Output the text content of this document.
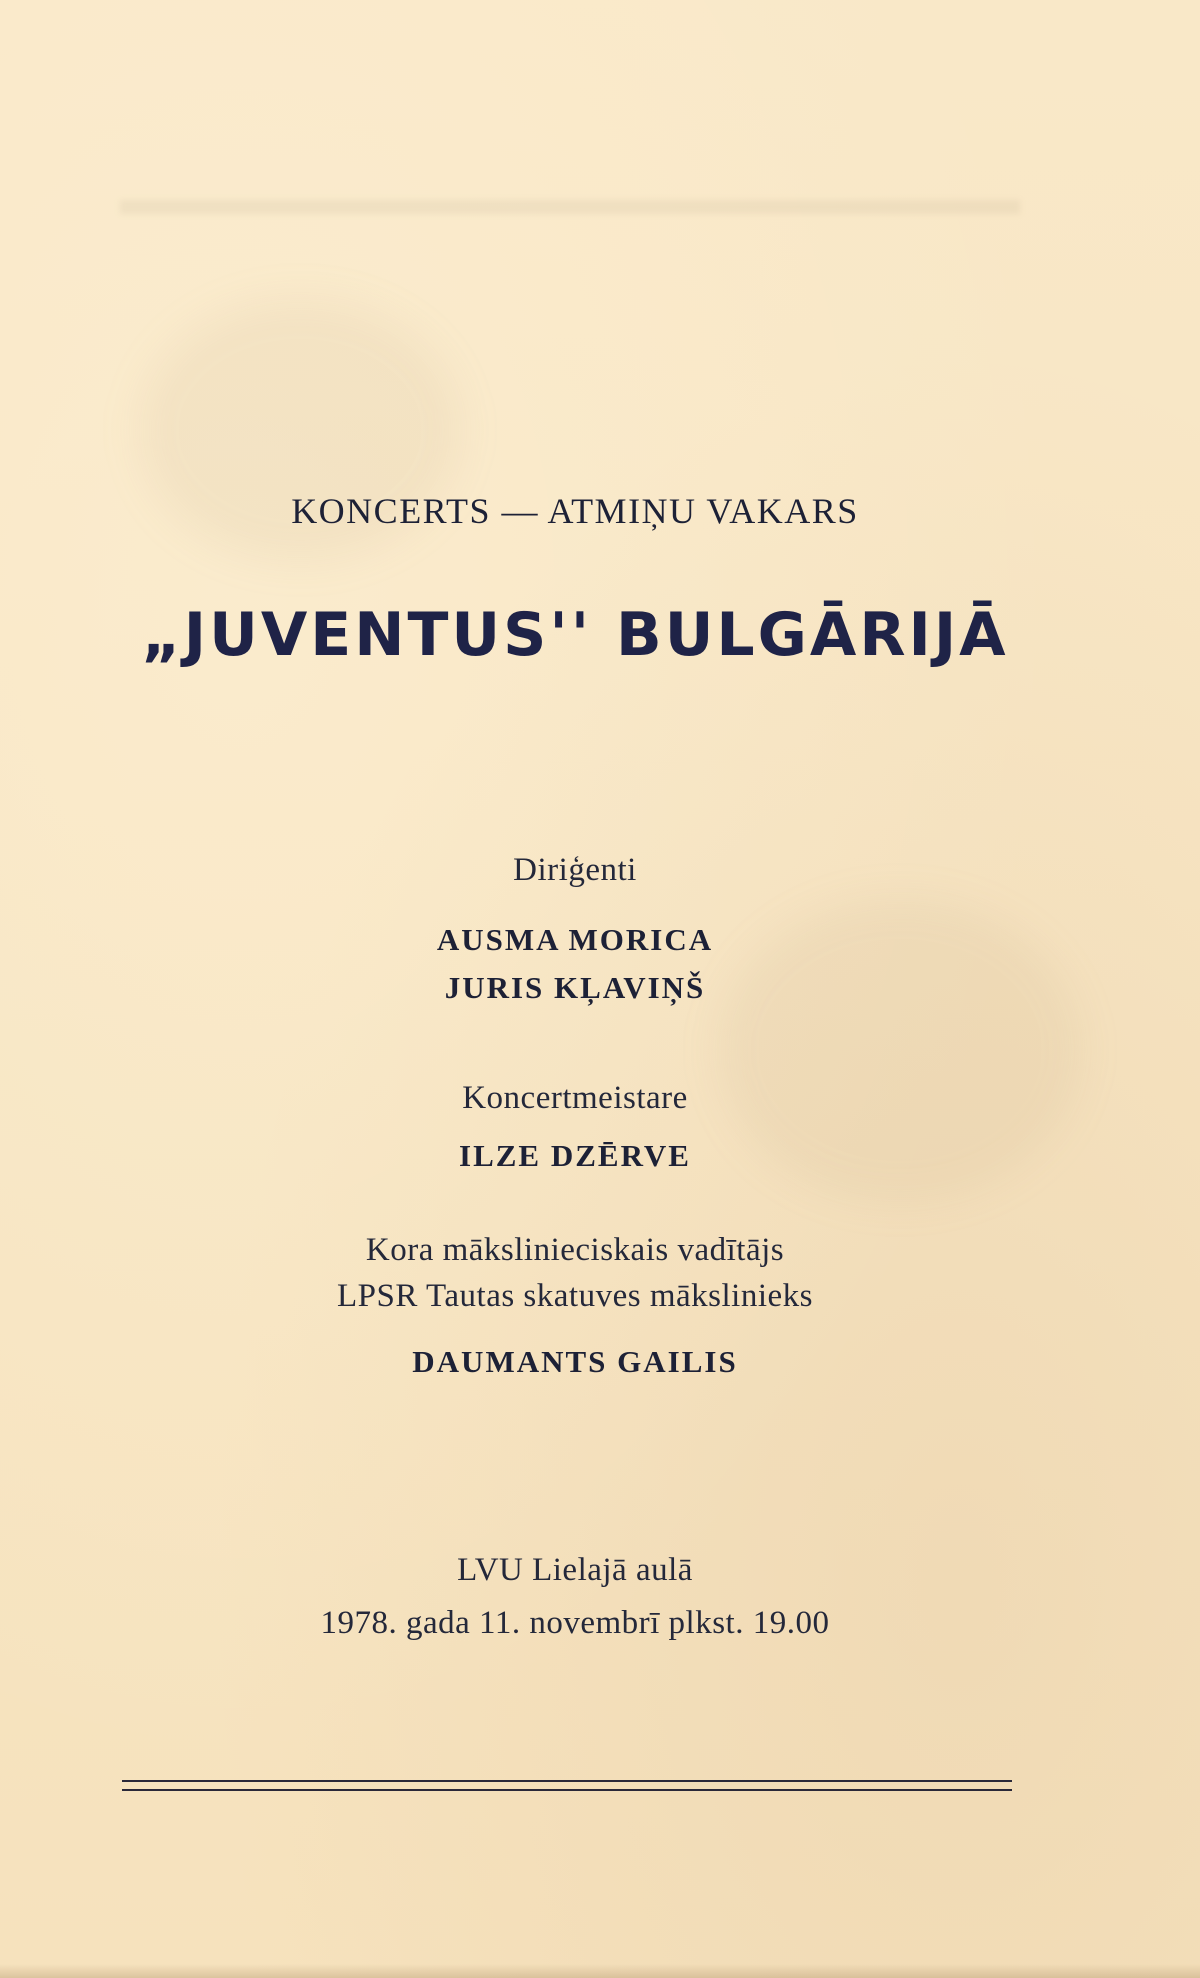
KONCERTS — ATMIŅU VAKARS
„JUVENTUS'' BULGĀRIJĀ
Diriģenti
AUSMA MORICA
JURIS KĻAVIŅŠ
Koncertmeistare
ILZE DZĒRVE
Kora mākslinieciskais vadītājs
LPSR Tautas skatuves mākslinieks
DAUMANTS GAILIS
LVU Lielajā aulā
1978. gada 11. novembrī plkst. 19.00
